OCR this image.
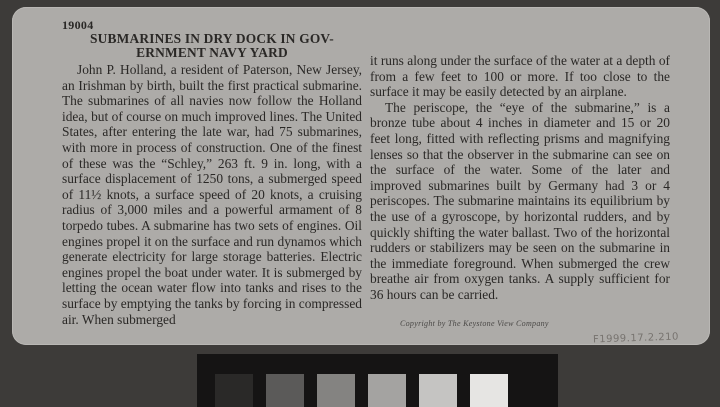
19004
SUBMARINES IN DRY DOCK IN GOV-
ERNMENT NAVY YARD

John P. Holland, a resident of Paterson, New Jersey, an Irishman by birth, built the first practical submarine. The submarines of all navies now follow the Holland idea, but of course on much improved lines. The United States, after entering the late war, had 75 submarines, with more in process of construction. One of the finest of these was the “Schley,” 263 ft. 9 in. long, with a surface displacement of 1250 tons, a submerged speed of 11½ knots, a surface speed of 20 knots, a cruising radius of 3,000 miles and a powerful armament of 8 torpedo tubes. A submarine has two sets of engines. Oil engines propel it on the surface and run dynamos which generate electricity for large storage batteries. Electric engines propel the boat under water. It is submerged by letting the ocean water flow into tanks and rises to the surface by emptying the tanks by forcing in compressed air. When submerged

it runs along under the surface of the water at a depth of from a few feet to 100 or more. If too close to the surface it may be easily detected by an airplane.

The periscope, the “eye of the submarine,” is a bronze tube about 4 inches in diameter and 15 or 20 feet long, fitted with reflecting prisms and magnifying lenses so that the observer in the submarine can see on the surface of the water. Some of the later and improved submarines built by Germany had 3 or 4 periscopes. The submarine maintains its equilibrium by the use of a gyroscope, by horizontal rudders, and by quickly shifting the water ballast. Two of the horizontal rudders or stabilizers may be seen on the submarine in the immediate foreground. When submerged the crew breathe air from oxygen tanks. A supply sufficient for 36 hours can be carried.

Copyright by The Keystone View Company
F1999.17.2.210
